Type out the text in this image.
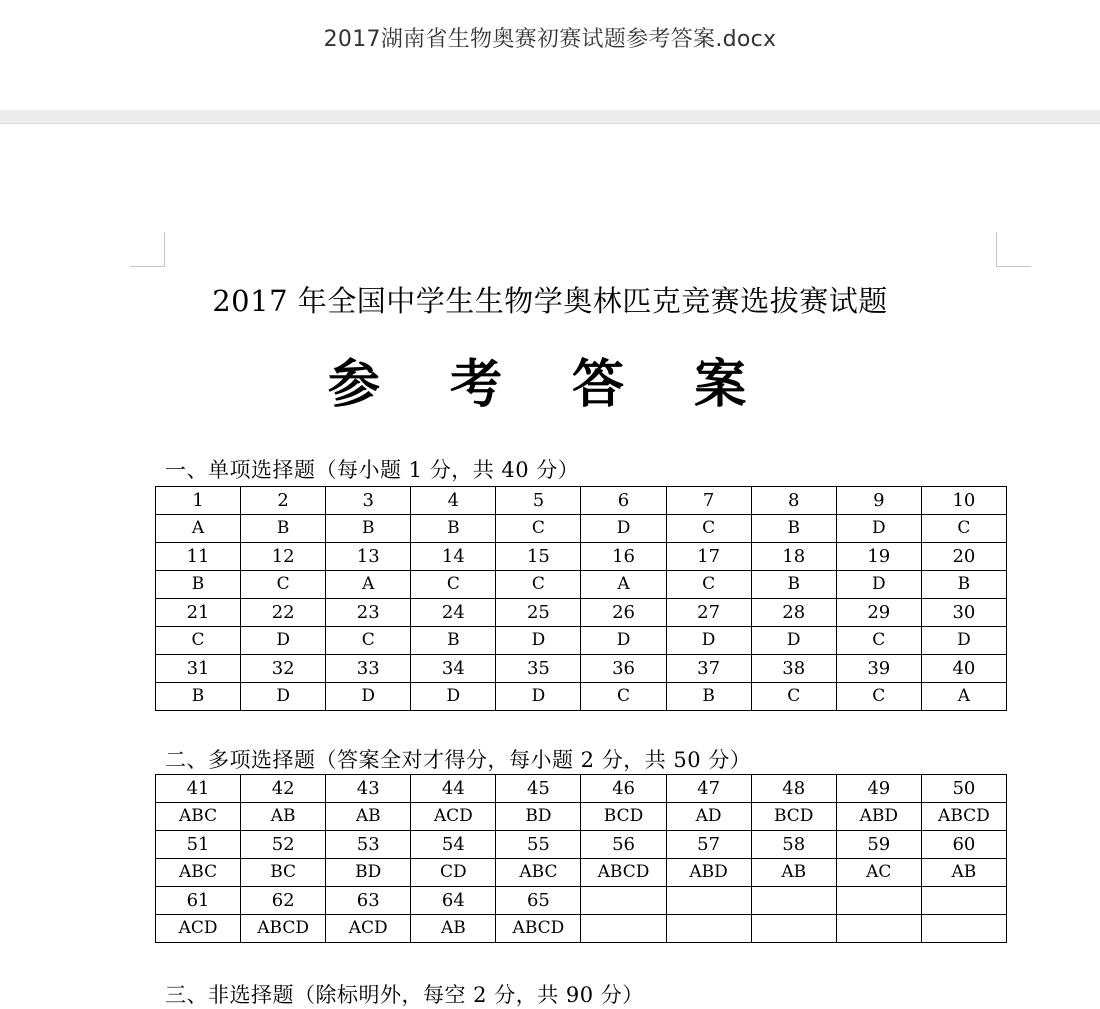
2017湖南省生物奥赛初赛试题参考答案.docx
2017 年全国中学生生物学奥林匹克竞赛选拔赛试题
参 考 答 案
一、单项选择题（每小题 1 分，共 40 分）
1	2	3	4	5	6	7	8	9	10
A	B	B	B	C	D	C	B	D	C
11	12	13	14	15	16	17	18	19	20
B	C	A	C	C	A	C	B	D	B
21	22	23	24	25	26	27	28	29	30
C	D	C	B	D	D	D	D	C	D
31	32	33	34	35	36	37	38	39	40
B	D	D	D	D	C	B	C	C	A
二、多项选择题（答案全对才得分，每小题 2 分，共 50 分）
41	42	43	44	45	46	47	48	49	50
ABC	AB	AB	ACD	BD	BCD	AD	BCD	ABD	ABCD
51	52	53	54	55	56	57	58	59	60
ABC	BC	BD	CD	ABC	ABCD	ABD	AB	AC	AB
61	62	63	64	65					
ACD	ABCD	ACD	AB	ABCD					
三、非选择题（除标明外，每空 2 分，共 90 分）
